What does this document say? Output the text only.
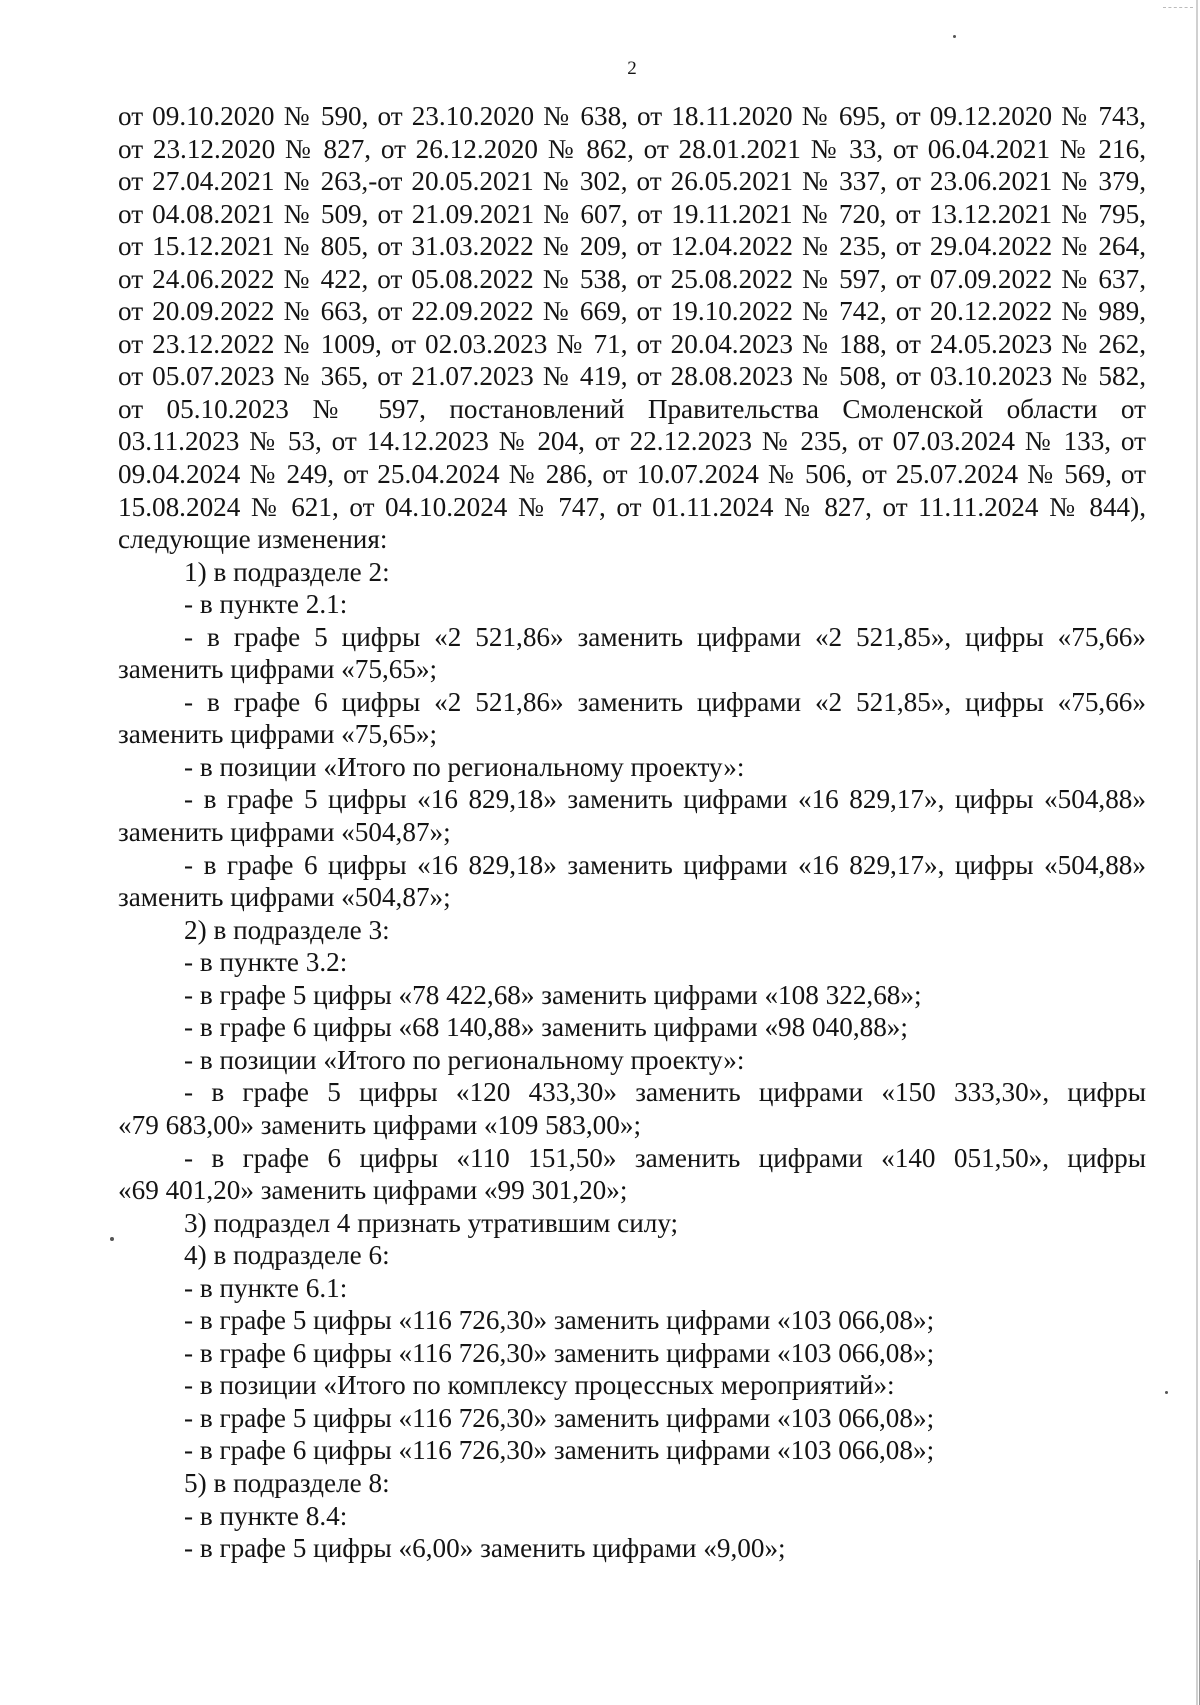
2
от 09.10.2020 № 590, от 23.10.2020 № 638, от 18.11.2020 № 695, от 09.12.2020 № 743,
от 23.12.2020 № 827, от 26.12.2020 № 862, от 28.01.2021 № 33, от 06.04.2021 № 216,
от 27.04.2021 № 263,-от 20.05.2021 № 302, от 26.05.2021 № 337, от 23.06.2021 № 379,
от 04.08.2021 № 509, от 21.09.2021 № 607, от 19.11.2021 № 720, от 13.12.2021 № 795,
от 15.12.2021 № 805, от 31.03.2022 № 209, от 12.04.2022 № 235, от 29.04.2022 № 264,
от 24.06.2022 № 422, от 05.08.2022 № 538, от 25.08.2022 № 597, от 07.09.2022 № 637,
от 20.09.2022 № 663, от 22.09.2022 № 669, от 19.10.2022 № 742, от 20.12.2022 № 989,
от 23.12.2022 № 1009, от 02.03.2023 № 71, от 20.04.2023 № 188, от 24.05.2023 № 262,
от 05.07.2023 № 365, от 21.07.2023 № 419, от 28.08.2023 № 508, от 03.10.2023 № 582,
от 05.10.2023 № 597, постановлений Правительства Смоленской области от
03.11.2023 № 53, от 14.12.2023 № 204, от 22.12.2023 № 235, от 07.03.2024 № 133, от
09.04.2024 № 249, от 25.04.2024 № 286, от 10.07.2024 № 506, от 25.07.2024 № 569, от
15.08.2024 № 621, от 04.10.2024 № 747, от 01.11.2024 № 827, от 11.11.2024 № 844),
следующие изменения:
1) в подразделе 2:
- в пункте 2.1:
- в графе 5 цифры «2 521,86» заменить цифрами «2 521,85», цифры «75,66»
заменить цифрами «75,65»;
- в графе 6 цифры «2 521,86» заменить цифрами «2 521,85», цифры «75,66»
заменить цифрами «75,65»;
- в позиции «Итого по региональному проекту»:
- в графе 5 цифры «16 829,18» заменить цифрами «16 829,17», цифры «504,88»
заменить цифрами «504,87»;
- в графе 6 цифры «16 829,18» заменить цифрами «16 829,17», цифры «504,88»
заменить цифрами «504,87»;
2) в подразделе 3:
- в пункте 3.2:
- в графе 5 цифры «78 422,68» заменить цифрами «108 322,68»;
- в графе 6 цифры «68 140,88» заменить цифрами «98 040,88»;
- в позиции «Итого по региональному проекту»:
- в графе 5 цифры «120 433,30» заменить цифрами «150 333,30», цифры
«79 683,00» заменить цифрами «109 583,00»;
- в графе 6 цифры «110 151,50» заменить цифрами «140 051,50», цифры
«69 401,20» заменить цифрами «99 301,20»;
3) подраздел 4 признать утратившим силу;
4) в подразделе 6:
- в пункте 6.1:
- в графе 5 цифры «116 726,30» заменить цифрами «103 066,08»;
- в графе 6 цифры «116 726,30» заменить цифрами «103 066,08»;
- в позиции «Итого по комплексу процессных мероприятий»:
- в графе 5 цифры «116 726,30» заменить цифрами «103 066,08»;
- в графе 6 цифры «116 726,30» заменить цифрами «103 066,08»;
5) в подразделе 8:
- в пункте 8.4:
- в графе 5 цифры «6,00» заменить цифрами «9,00»;
